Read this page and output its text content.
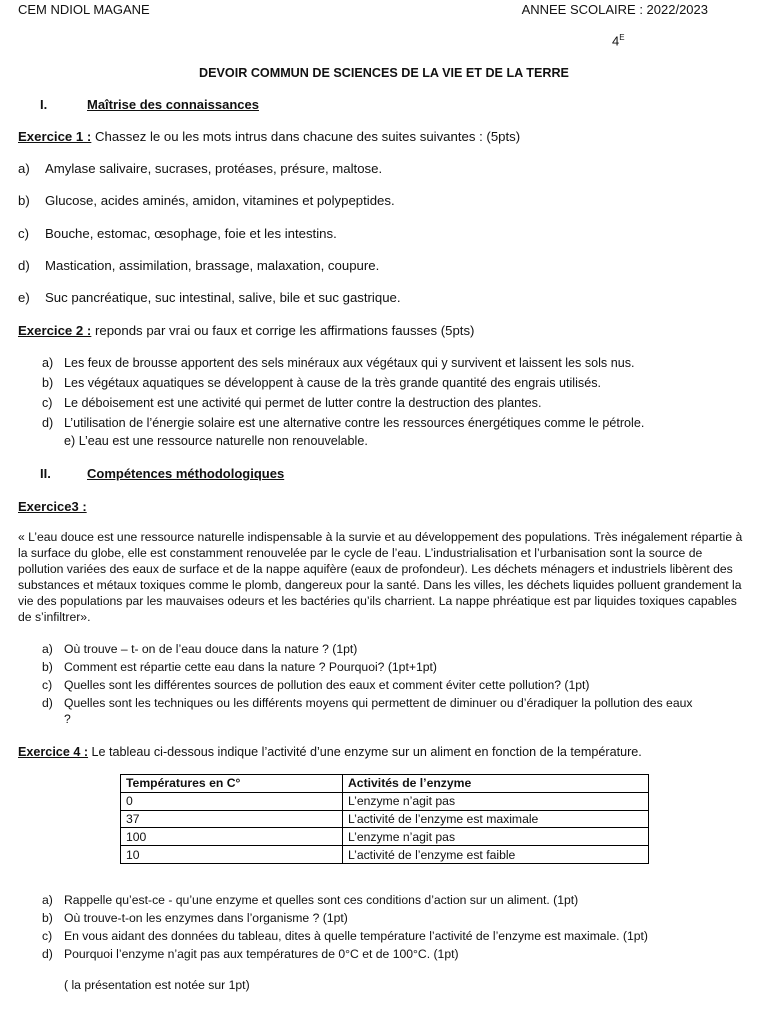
CEM NDIOL MAGANE	ANNEE SCOLAIRE : 2022/2023
$4^E$
DEVOIR COMMUN DE SCIENCES DE LA VIE ET DE LA TERRE
I.	Maîtrise des connaissances
Exercice 1 : Chassez le ou les mots intrus dans chacune des suites suivantes : (5pts)
a) Amylase salivaire, sucrases, protéases, présure, maltose.
b) Glucose, acides aminés, amidon, vitamines et polypeptides.
c) Bouche, estomac, œsophage, foie et les intestins.
d) Mastication, assimilation, brassage, malaxation, coupure.
e) Suc pancréatique, suc intestinal, salive, bile et suc gastrique.
Exercice 2 : reponds par vrai ou faux et corrige les affirmations fausses (5pts)
a) Les feux de brousse apportent des sels minéraux aux végétaux qui y survivent et laissent les sols nus.
b) Les végétaux aquatiques se développent à cause de la très grande quantité des engrais utilisés.
c) Le déboisement est une activité qui permet de lutter contre la destruction des plantes.
d) L’utilisation de l’énergie solaire est une alternative contre les ressources énergétiques comme le pétrole.
e) L’eau est une ressource naturelle non renouvelable.
II.	Compétences méthodologiques
Exercice3 :
« L’eau douce est une ressource naturelle indispensable à la survie et au développement des populations. Très inégalement répartie à la surface du globe, elle est constamment renouvelée par le cycle de l’eau. L’industrialisation et l’urbanisation sont la source de pollution variées des eaux de surface et de la nappe aquifère (eaux de profondeur). Les déchets ménagers et industriels libèrent des substances et métaux toxiques comme le plomb, dangereux pour la santé. Dans les villes, les déchets liquides polluent grandement la vie des populations par les mauvaises odeurs et les bactéries qu’ils charrient. La nappe phréatique est par liquides toxiques capables de s’infiltrer».
a) Où trouve – t- on de l’eau douce dans la nature ? (1pt)
b) Comment est répartie cette eau dans la nature ? Pourquoi? (1pt+1pt)
c) Quelles sont les différentes sources de pollution des eaux et comment éviter cette pollution? (1pt)
d) Quelles sont les techniques ou les différents moyens qui permettent de diminuer ou d’éradiquer la pollution des eaux
?
Exercice 4 : Le tableau ci-dessous indique l’activité d’une enzyme sur un aliment en fonction de la température.
Températures en C°	Activités de l’enzyme
0	L’enzyme n’agit pas
37	L’activité de l’enzyme est maximale
100	L’enzyme n’agit pas
10	L’activité de l’enzyme est faible
a) Rappelle qu’est-ce - qu’une enzyme et quelles sont ces conditions d’action sur un aliment. (1pt)
b) Où trouve-t-on les enzymes dans l’organisme ? (1pt)
c) En vous aidant des données du tableau, dites à quelle température l’activité de l’enzyme est maximale. (1pt)
d) Pourquoi l’enzyme n’agit pas aux températures de 0°C et de 100°C. (1pt)
( la présentation est notée sur 1pt)
